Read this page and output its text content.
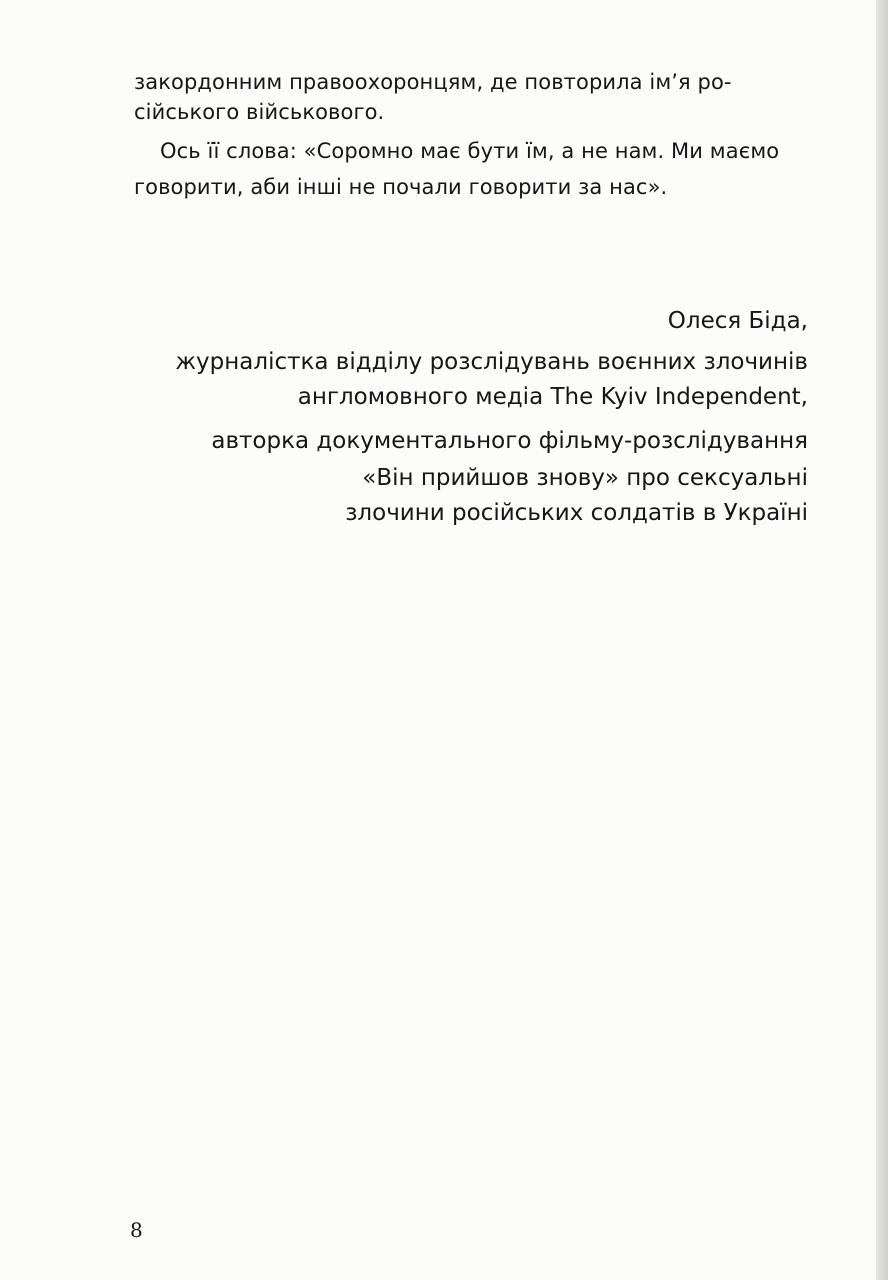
закордонним правоохоронцям, де повторила ім’я ро-

сійського військового.

Ось її слова: «Соромно має бути їм, а не нам. Ми маємо

говорити, аби інші не почали говорити за нас».

Олеся Біда,

журналістка відділу розслідувань воєнних злочинів

англомовного медіа The Kyiv Independent,

авторка документального фільму-розслідування

«Він прийшов знову» про сексуальні

злочини російських солдатів в Україні

8
